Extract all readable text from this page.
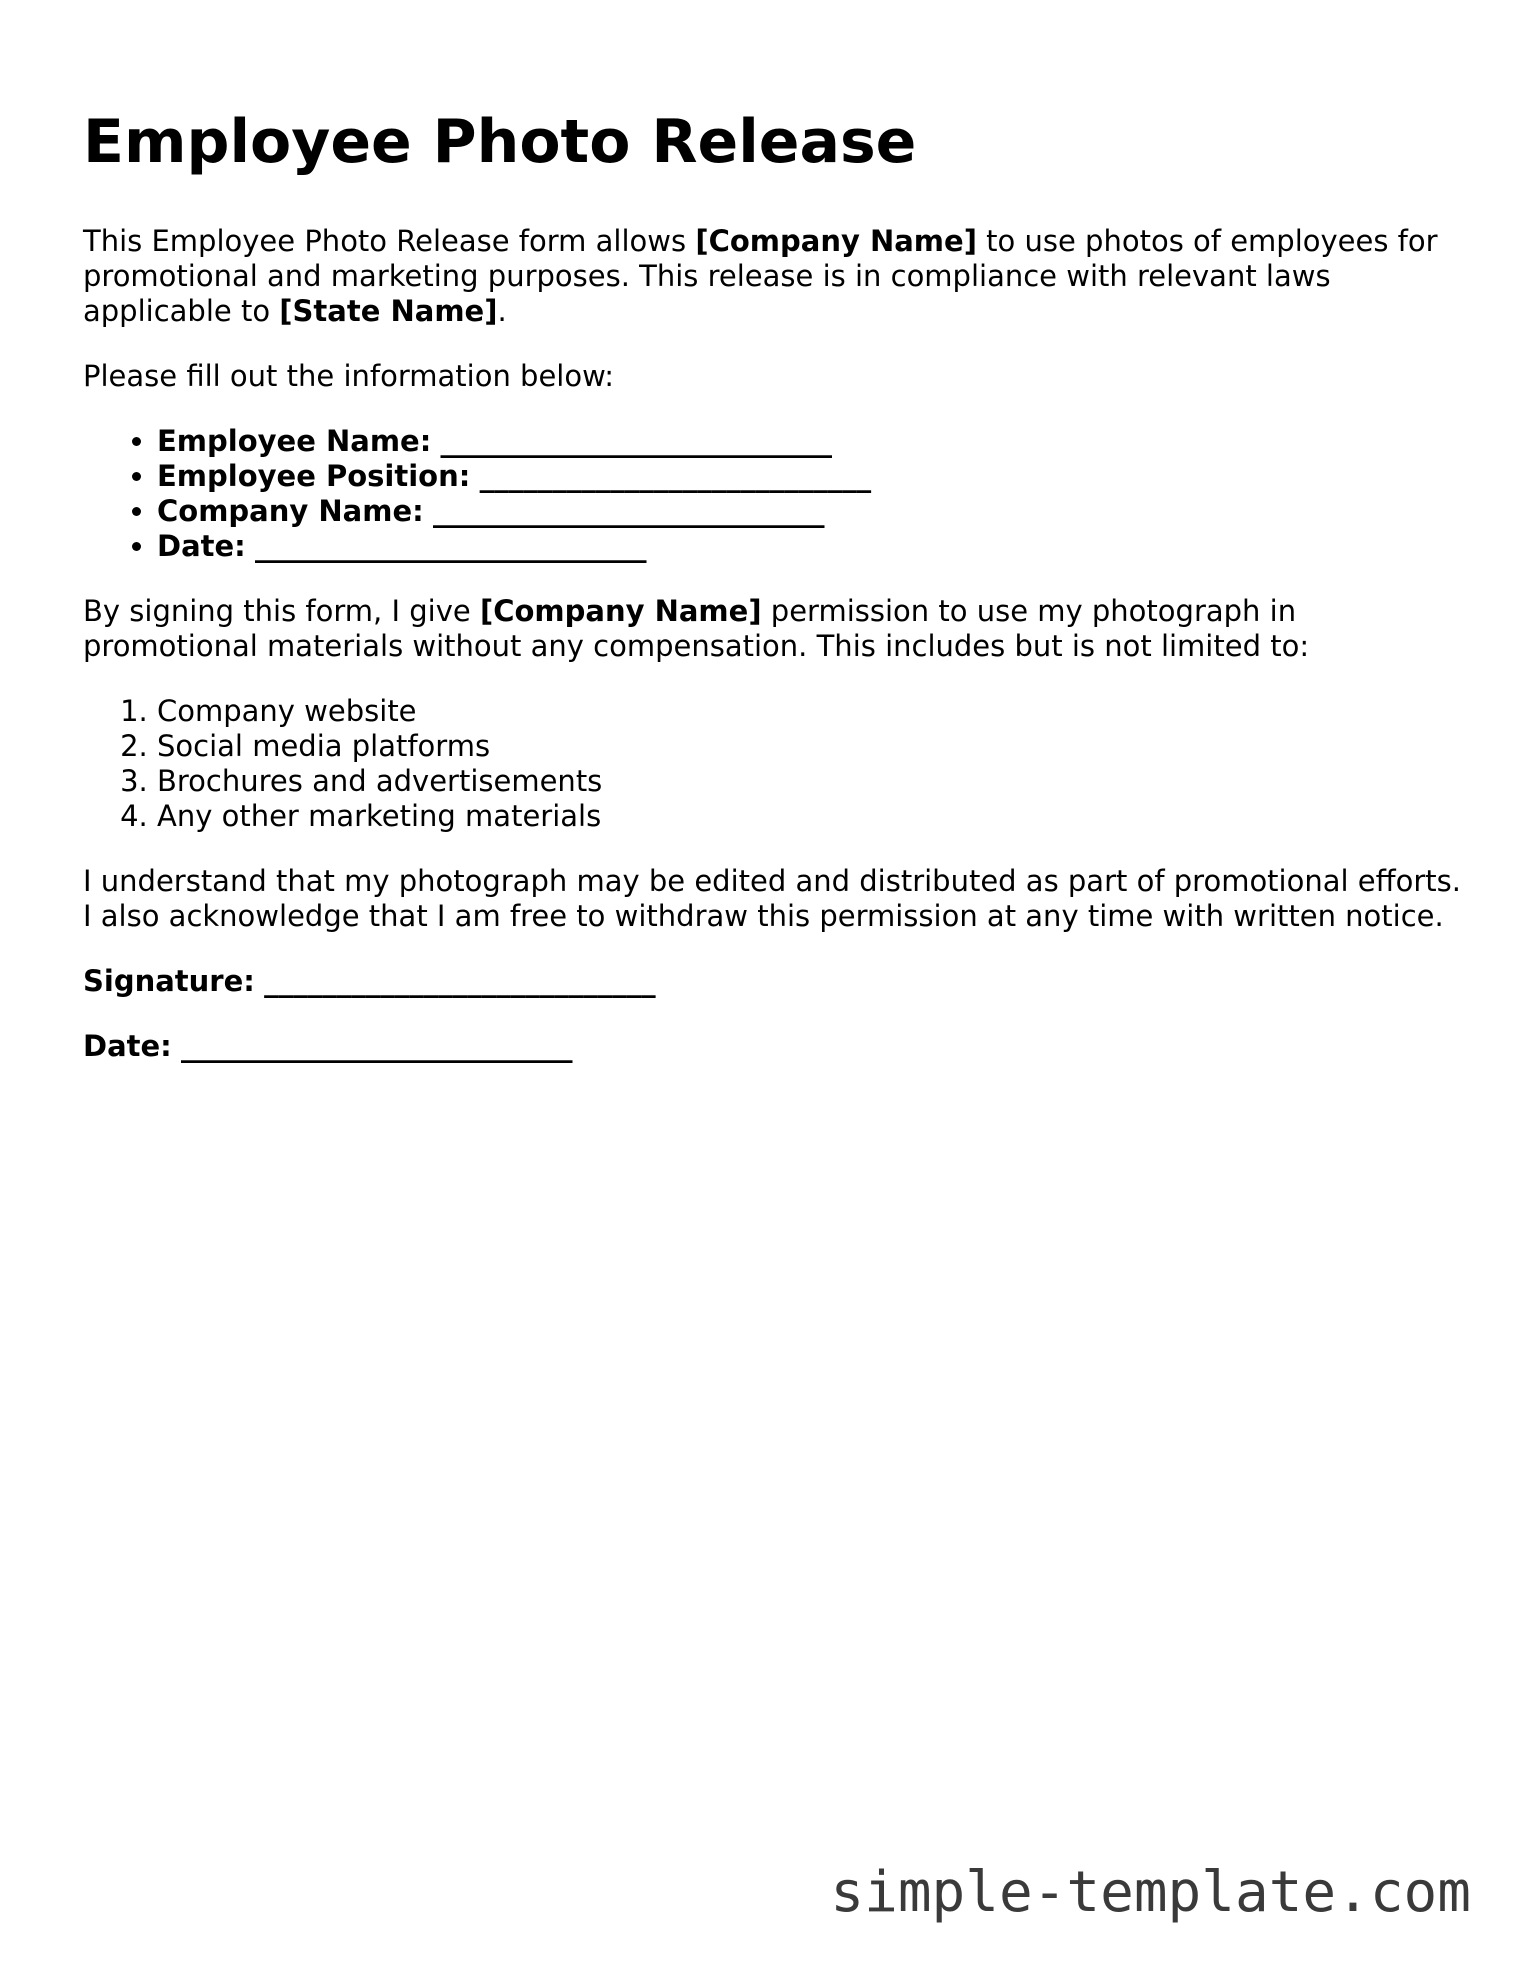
Employee Photo Release

This Employee Photo Release form allows [Company Name] to use photos of employees for promotional and marketing purposes. This release is in compliance with relevant laws applicable to [State Name].

Please fill out the information below:

• Employee Name: ___________________________
• Employee Position: ___________________________
• Company Name: ___________________________
• Date: ___________________________

By signing this form, I give [Company Name] permission to use my photograph in promotional materials without any compensation. This includes but is not limited to:

1. Company website
2. Social media platforms
3. Brochures and advertisements
4. Any other marketing materials

I understand that my photograph may be edited and distributed as part of promotional efforts. I also acknowledge that I am free to withdraw this permission at any time with written notice.

Signature: ___________________________
Date: ___________________________
simple-template.com
